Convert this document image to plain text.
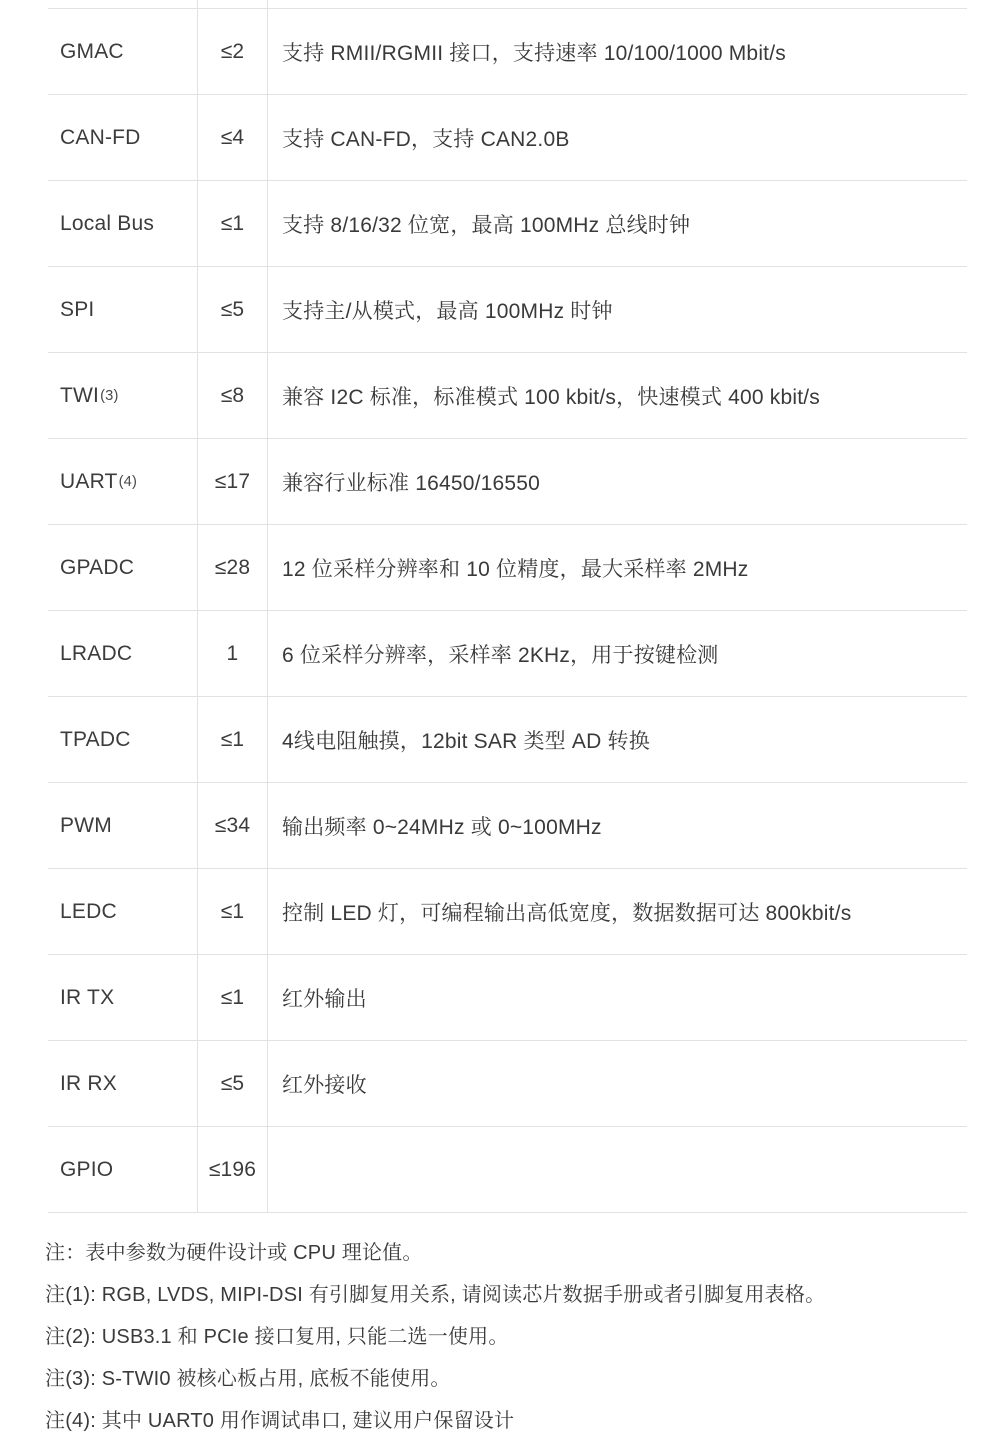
GMAC	≤2	支持 RMII/RGMII 接口，支持速率 10/100/1000 Mbit/s
CAN-FD	≤4	支持 CAN-FD，支持 CAN2.0B
Local Bus	≤1	支持 8/16/32 位宽，最高 100MHz 总线时钟
SPI	≤5	支持主/从模式，最高 100MHz 时钟
TWI (3)	≤8	兼容 I2C 标准，标准模式 100 kbit/s，快速模式 400 kbit/s
UART (4)	≤17	兼容行业标准 16450/16550
GPADC	≤28	12 位采样分辨率和 10 位精度，最大采样率 2MHz
LRADC	1	6 位采样分辨率，采样率 2KHz，用于按键检测
TPADC	≤1	4线电阻触摸，12bit SAR 类型 AD 转换
PWM	≤34	输出频率 0~24MHz 或 0~100MHz
LEDC	≤1	控制 LED 灯，可编程输出高低宽度，数据数据可达 800kbit/s
IR TX	≤1	红外输出
IR RX	≤5	红外接收
GPIO	≤196
注：表中参数为硬件设计或 CPU 理论值。
注(1): RGB, LVDS, MIPI-DSI 有引脚复用关系, 请阅读芯片数据手册或者引脚复用表格。
注(2): USB3.1 和 PCIe 接口复用, 只能二选一使用。
注(3): S-TWI0 被核心板占用, 底板不能使用。
注(4): 其中 UART0 用作调试串口, 建议用户保留设计
